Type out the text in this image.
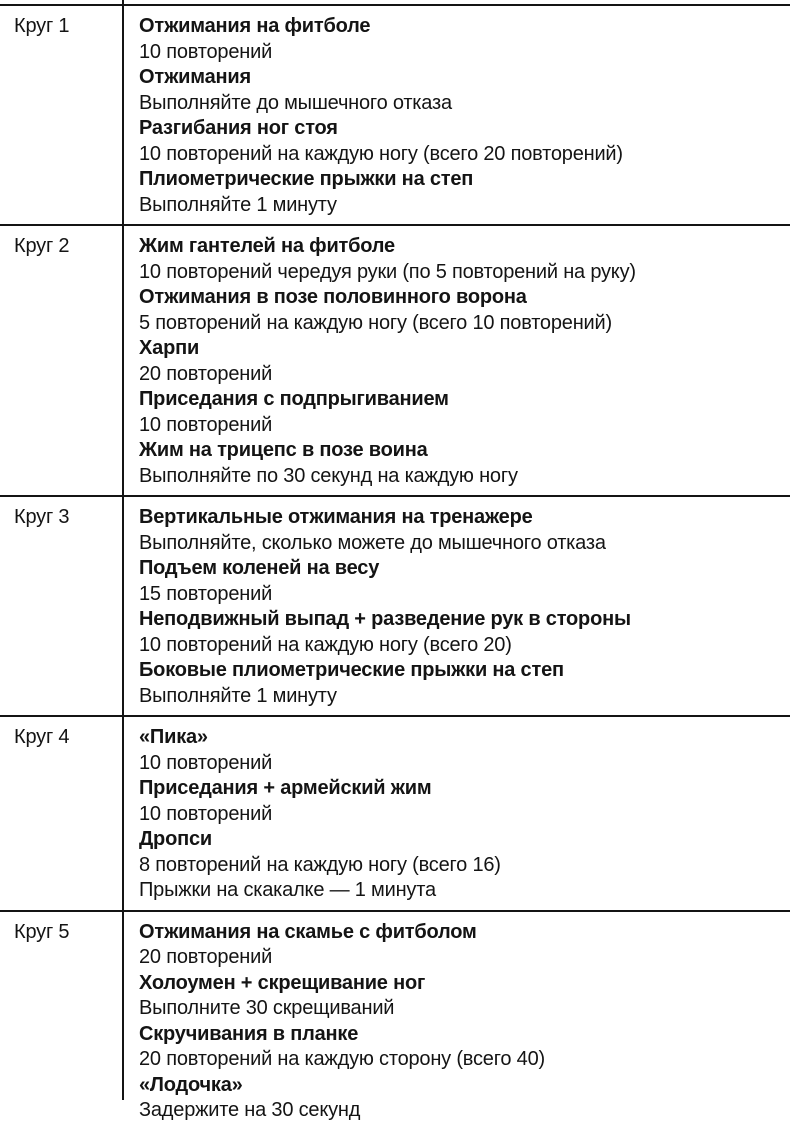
Круг 1	Отжимания на фитболе
10 повторений
Отжимания
Выполняйте до мышечного отказа
Разгибания ног стоя
10 повторений на каждую ногу (всего 20 повторений)
Плиометрические прыжки на степ
Выполняйте 1 минуту
Круг 2	Жим гантелей на фитболе
10 повторений чередуя руки (по 5 повторений на руку)
Отжимания в позе половинного ворона
5 повторений на каждую ногу (всего 10 повторений)
Харпи
20 повторений
Приседания с подпрыгиванием
10 повторений
Жим на трицепс в позе воина
Выполняйте по 30 секунд на каждую ногу
Круг 3	Вертикальные отжимания на тренажере
Выполняйте, сколько можете до мышечного отказа
Подъем коленей на весу
15 повторений
Неподвижный выпад + разведение рук в стороны
10 повторений на каждую ногу (всего 20)
Боковые плиометрические прыжки на степ
Выполняйте 1 минуту
Круг 4	«Пика»
10 повторений
Приседания + армейский жим
10 повторений
Дропси
8 повторений на каждую ногу (всего 16)
Прыжки на скакалке — 1 минута
Круг 5	Отжимания на скамье с фитболом
20 повторений
Холоумен + скрещивание ног
Выполните 30 скрещиваний
Скручивания в планке
20 повторений на каждую сторону (всего 40)
«Лодочка»
Задержите на 30 секунд
